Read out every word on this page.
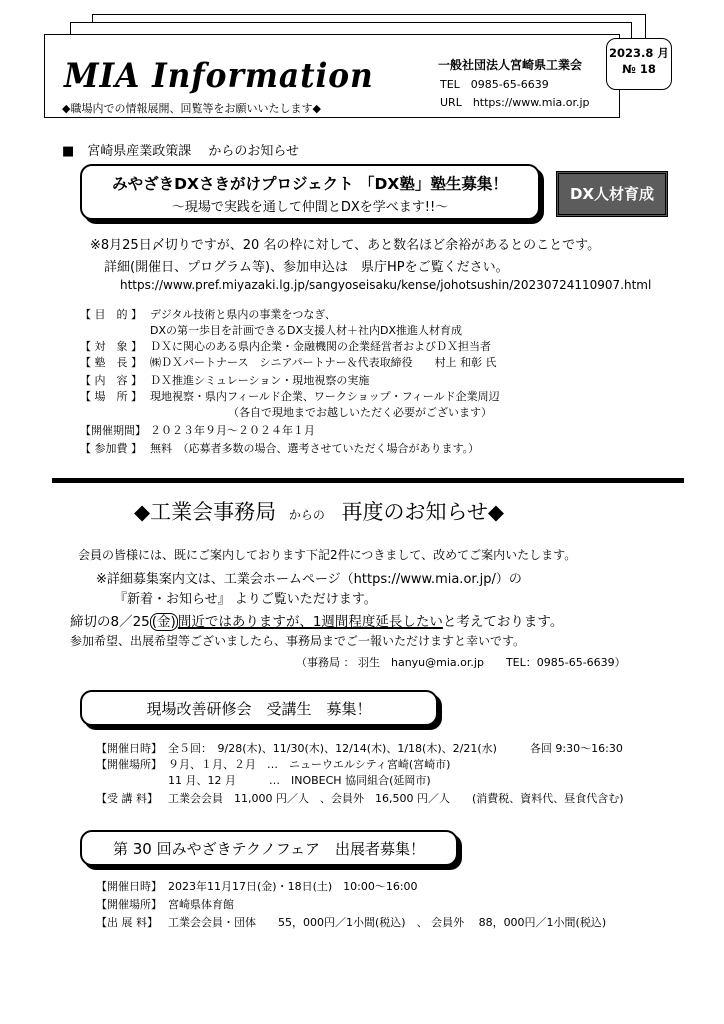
2023.8 月
№ 18
MIA Information
◆職場内での情報展開、回覧等をお願いいたします◆
一般社団法人宮崎県工業会
TEL　0985-65-6639
URL　https://www.mia.or.jp
■　宮崎県産業政策課　 からのお知らせ
みやざきDXさきがけプロジェクト 「DX塾」塾生募集！
～現場で実践を通して仲間とDXを学べます!!～
DX人材育成
※8月25日〆切りですが、20 名の枠に対して、あと数名ほど余裕があるとのことです。
詳細(開催日、プログラム等)、参加申込は　県庁HPをご覧ください。
https://www.pref.miyazaki.lg.jp/sangyoseisaku/kense/johotsushin/20230724110907.html
【 目　的 】 デジタル技術と県内の事業をつなぎ、
DXの第一歩目を計画できるDX支援人材＋社内DX推進人材育成
【 対　象 】 ＤＸに関心のある県内企業・金融機関の企業経営者およびＤＸ担当者
【 塾　長 】 ㈱ＤＸパートナース　シニアパートナー＆代表取締役　　村上 和彰 氏
【 内　容 】 ＤＸ推進シミュレーション・現地視察の実施
【 場　所 】 現地視察・県内フィールド企業、ワークショップ・フィールド企業周辺
（各自で現地までお越しいただく必要がございます）
【開催期間】 ２０２３年９月～２０２４年１月
【 参加費 】 無料　（応募者多数の場合、選考させていただく場合があります。）
◆工業会事務局 からの 再度のお知らせ◆
会員の皆様には、既にご案内しております下記2件につきまして、改めてご案内いたします。
※詳細募集案内文は、工業会ホームページ（https://www.mia.or.jp/）の
『新着・お知らせ』 よりご覧いただけます。
締切の8／25 (金) 間近ではありますが、1週間程度延長したいと考えております。
参加希望、出展希望等ございましたら、事務局までご一報いただけますと幸いです。
（事務局 ： 羽生　hanyu@mia.or.jp　　TEL：0985-65-6639）
現場改善研修会　受講生　募集！
【開催日時】 全５回：　9/28(木)、11/30(木)、12/14(木)、1/18(木)、2/21(水)　　　各回 9:30～16:30
【開催場所】 ９月、１月、２月　…　ニューウエルシティ宮崎(宮崎市)
11 月、12 月　　　…　INOBECH 協同組合(延岡市)
【受 講 料】 工業会会員　11,000 円／人　、会員外　16,500 円／人　　(消費税、資料代、昼食代含む)
第 30 回みやざきテクノフェア　出展者募集！
【開催日時】 2023年11月17日(金)・18日(土)　10:00～16:00
【開催場所】 宮崎県体育館
【出 展 料】 工業会会員・団体　　55，000円／1小間(税込)　、 会員外　 88，000円／1小間(税込)
